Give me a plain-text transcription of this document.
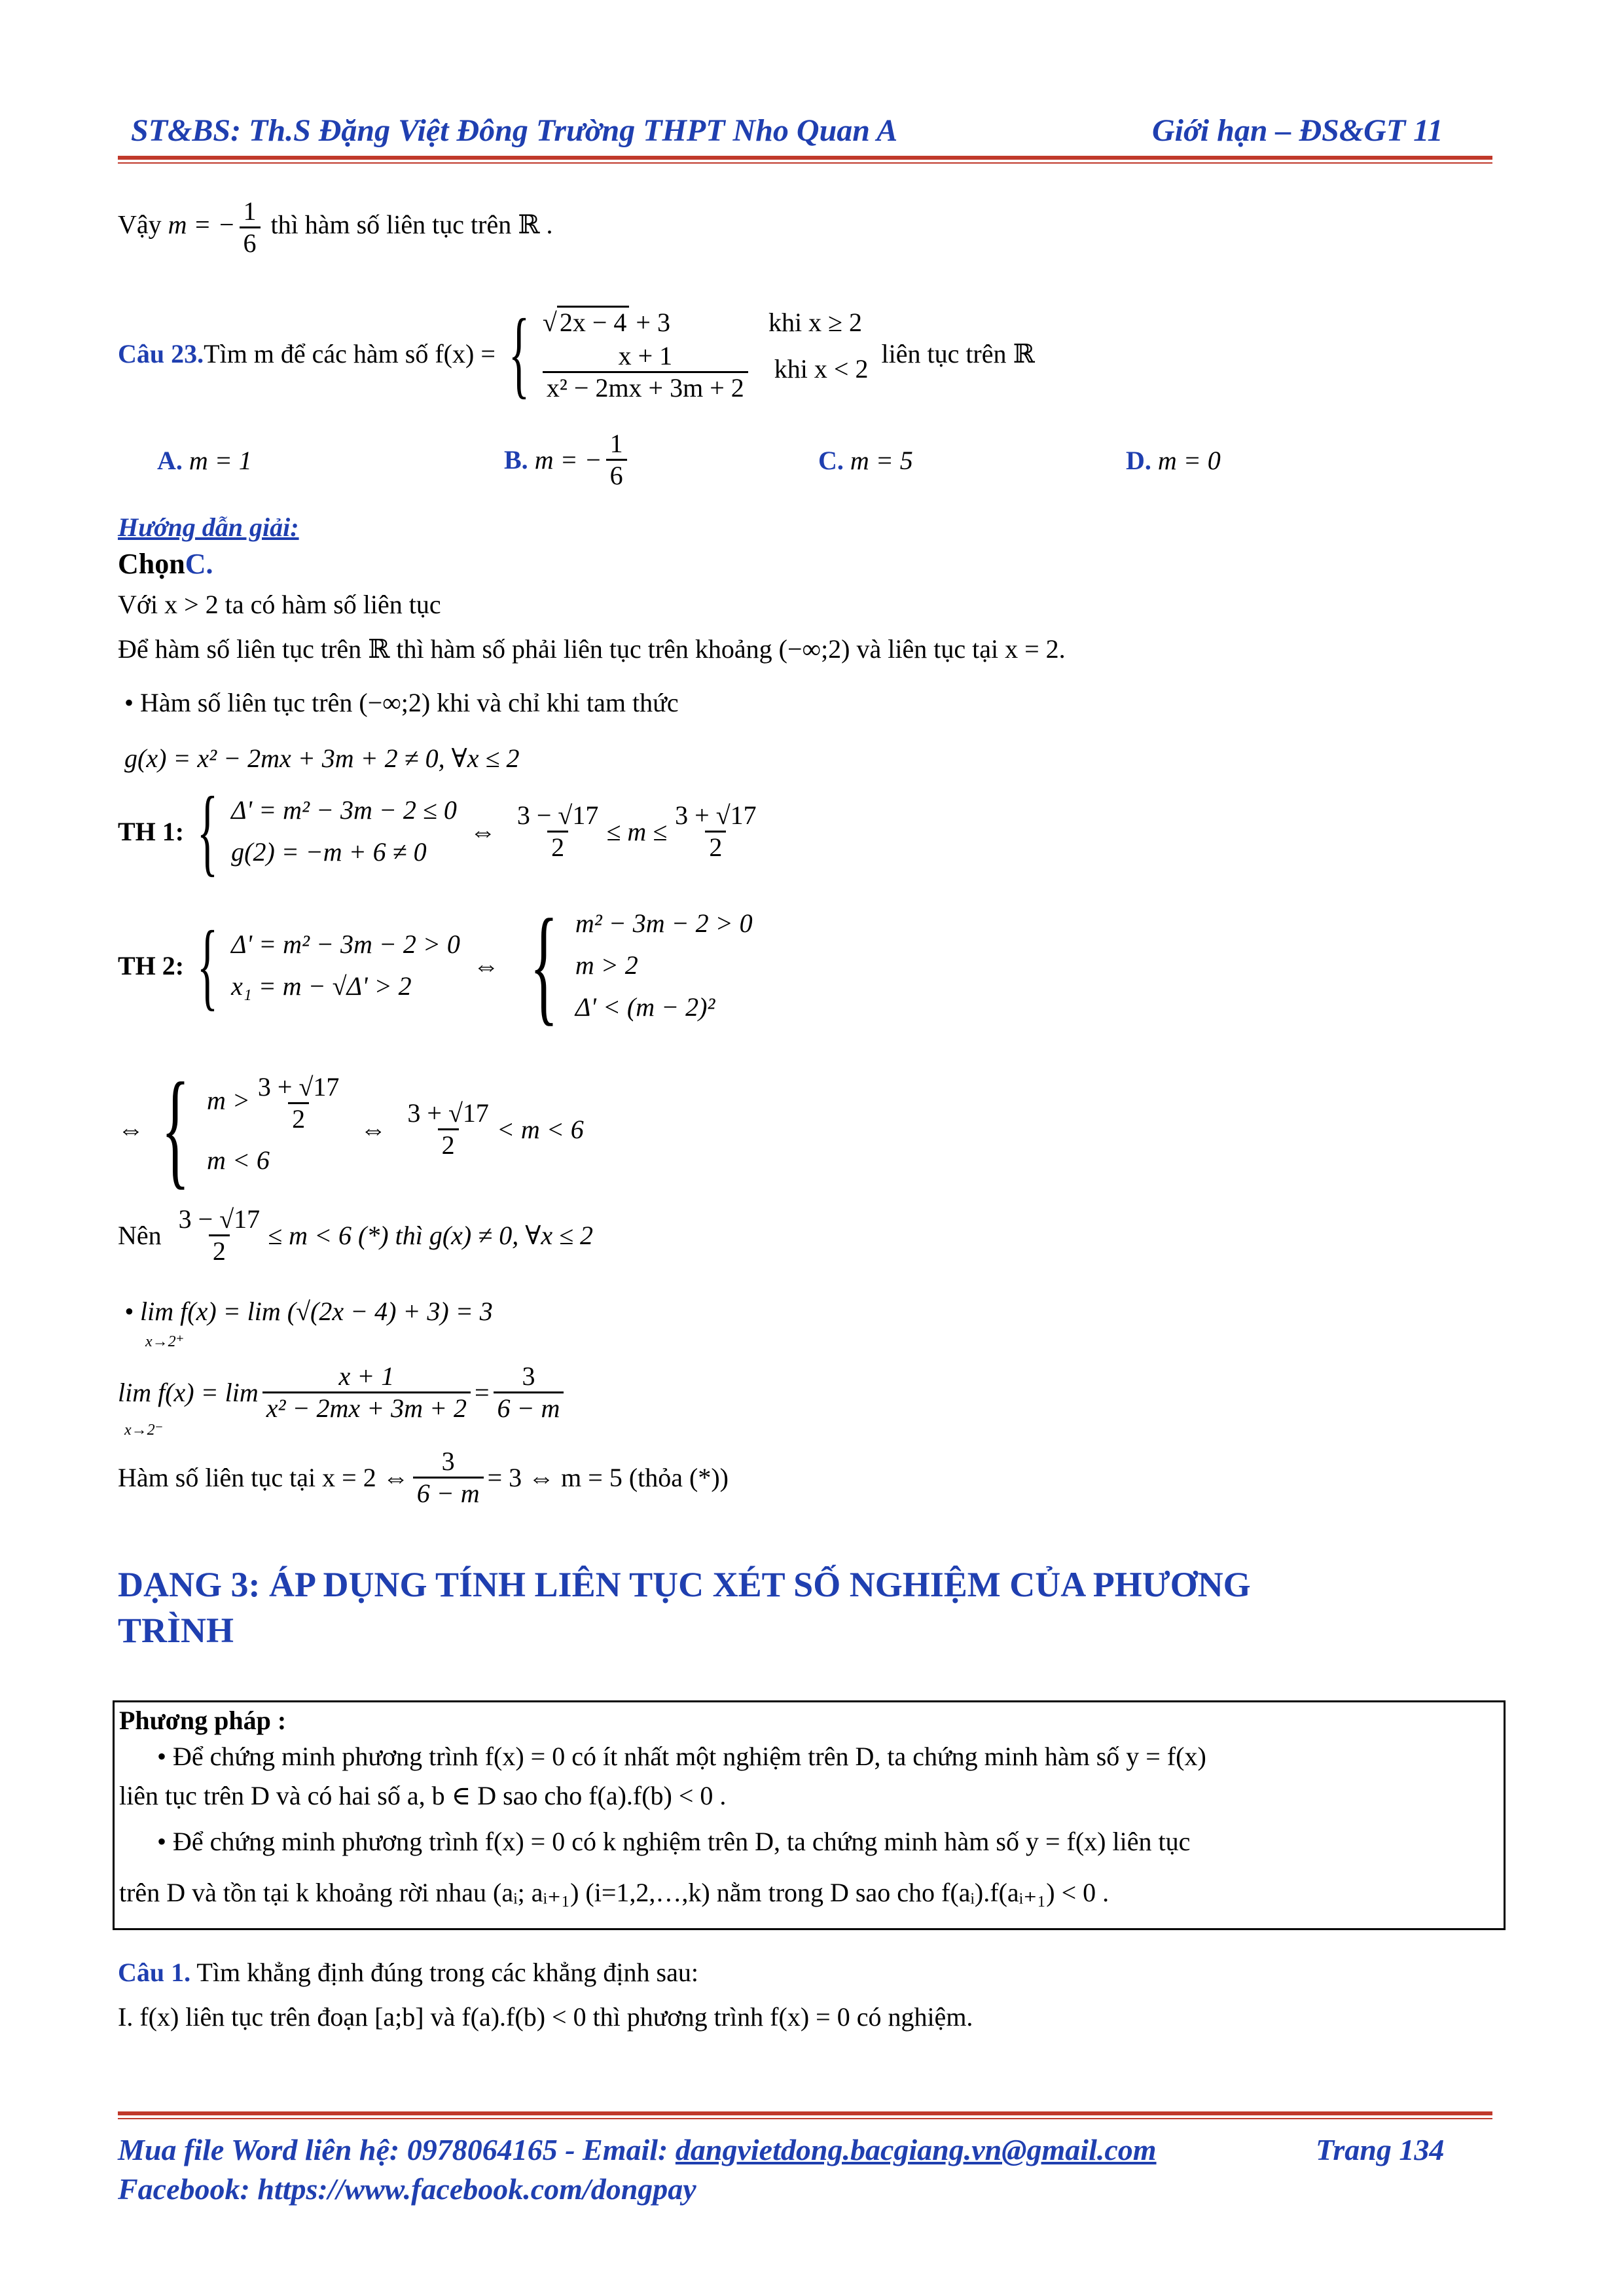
ST&BS: Th.S Đặng Việt Đông Trường THPT Nho Quan A	Giới hạn – ĐS&GT 11
Vậy m = − $\frac{1}{6}$ thì hàm số liên tục trên ℝ .
Câu 23. Tìm m để các hàm số f(x) = { √ 2x − 4 + 3	khi x ≥ 2
$\frac{x + 1}{\text{x² − 2mx + 3m + 2}}$ khi x < 2
liên tục trên ℝ
A. m = 1	B.
m = − $\frac{1}{6}$	C. m = 5	D. m = 0
Hướng dẫn giải:
ChọnC.
Với x > 2 ta có hàm số liên tục
Để hàm số liên tục trên ℝ thì hàm số phải liên tục trên khoảng (−∞;2) và liên tục tại x = 2.
• Hàm số liên tục trên (−∞;2) khi và chỉ khi tam thức
g(x) = x² − 2mx + 3m + 2 ≠ 0, ∀x ≤ 2
TH 1: { Δ' = m² − 3m − 2 ≤ 0
g(2) = −m + 6 ≠ 0
⇔ $\frac{3 - √17}{2} \le m \le \frac{3 + √17}{2}$
TH 2: { Δ' = m² − 3m − 2 > 0
x₁ = m − √Δ' > 2
⇔ { m² − 3m − 2 > 0
m > 2
Δ' < (m − 2)²
⇔ { $m > \frac{3 + √17}{2}$
m < 6
⇔ $\frac{3 + √17}{2} < m < 6$
Nên $\frac{3 - √17}{2} \le m < 6$ (*) thì g(x) ≠ 0, ∀x ≤ 2
• lim f(x) = lim (√(2x − 4) + 3) = 3
x→2⁺
$\lim f(x) = \lim \frac{x + 1}{\text{x² − 2mx + 3m + 2}} = \frac{3}{6 - m}$
x→2⁻
Hàm số liên tục tại x = 2 ⇔ $\frac{3}{6 - m} = 3$ ⇔ m = 5 (thỏa (*))
DẠNG 3: ÁP DỤNG TÍNH LIÊN TỤC XÉT SỐ NGHIỆM CỦA PHƯƠNG
TRÌNH
Phương pháp :
• Để chứng minh phương trình f(x) = 0 có ít nhất một nghiệm trên D, ta chứng minh hàm số y = f(x)
liên tục trên D và có hai số a, b ∈ D sao cho f(a).f(b) < 0 .
• Để chứng minh phương trình f(x) = 0 có k nghiệm trên D, ta chứng minh hàm số y = f(x) liên tục
trên D và tồn tại k khoảng rời nhau (aᵢ; aᵢ₊₁) (i=1,2,…,k) nằm trong D sao cho f(aᵢ).f(aᵢ₊₁) < 0 .
Câu 1. Tìm khẳng định đúng trong các khẳng định sau:
I. f(x) liên tục trên đoạn [a;b] và f(a).f(b) < 0 thì phương trình f(x) = 0 có nghiệm.
Mua file Word liên hệ: 0978064165 - Email: dangvietdong.bacgiang.vn@gmail.com	Trang 134
Facebook: https://www.facebook.com/dongpay
